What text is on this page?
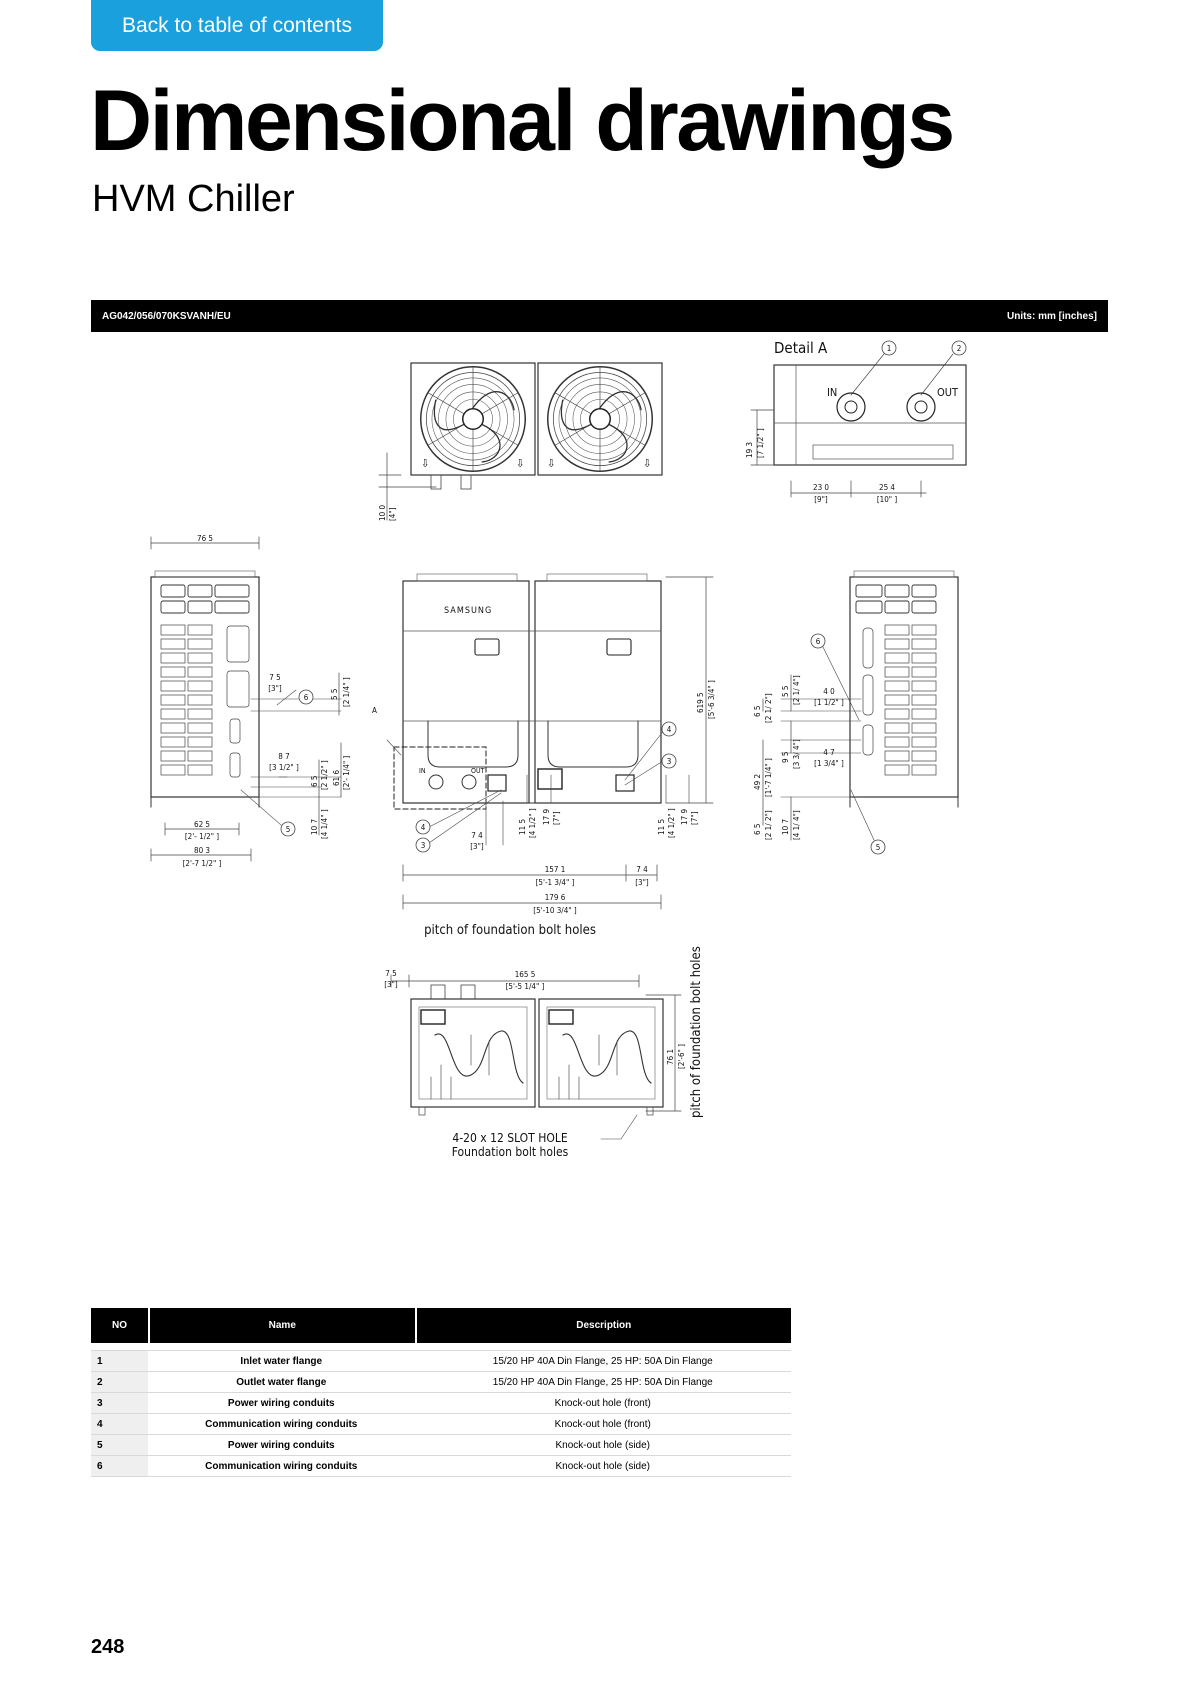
Back to table of contents
Dimensional drawings
HVM Chiller
AG042/056/070KSVANH/EU	Units: mm [inches]
Detail A	1	2
IN	OUT
19 3 [7 1/2" ]
23 0
[9"]
25 4
[10" ]
⇩	⇩ ⇩	⇩
10 0 [4"]
76 5
7 5
[3"]
6	5 5 [2 1/4" ]
8 7
[3 1/2" ]
6 5 [2 1/2" ] 61 6 [2'- 1/4" ]
10 7 [4 1/4" ]
5
62 5
[2'- 1/2" ]
80 3
[2'-7 1/2" ]
SAMSUNG
IN	OUT
A
4
3
4
3
7 4
[3"]
11 5 [4 1/2" ] 17 9 [7"]
11 5 [4 1/2" ] 17 9 [7"]
619 5 [5'-6 3/4" ]
157 1
[5'-1 3/4" ]
7 4
[3"]
179 6
[5'-10 3/4" ]
pitch of foundation bolt holes
6
6 5 [2 1/ 2"]
5 5 [2 1/ 4"]	4 0
[1 1/2" ]
49 2 [1'-7 1/4" ]
9 5 [3 3/ 4"]	4 7
[1 3/4" ]
6 5 [2 1/ 2"] 10 7 [4 1/ 4"]
5
7 5
[3"]
165 5
[5'-5 1/4" ]
76 1 [2'-6" ] pitch of foundation bolt holes
4-20 x 12 SLOT HOLE
Foundation bolt holes
NO	Name	Description

1	Inlet water flange	15/20 HP 40A Din Flange, 25 HP: 50A Din Flange
2	Outlet water flange	15/20 HP 40A Din Flange, 25 HP: 50A Din Flange
3	Power wiring conduits	Knock-out hole (front)
4	Communication wiring conduits	Knock-out hole (front)
5	Power wiring conduits	Knock-out hole (side)
6	Communication wiring conduits	Knock-out hole (side)
248
